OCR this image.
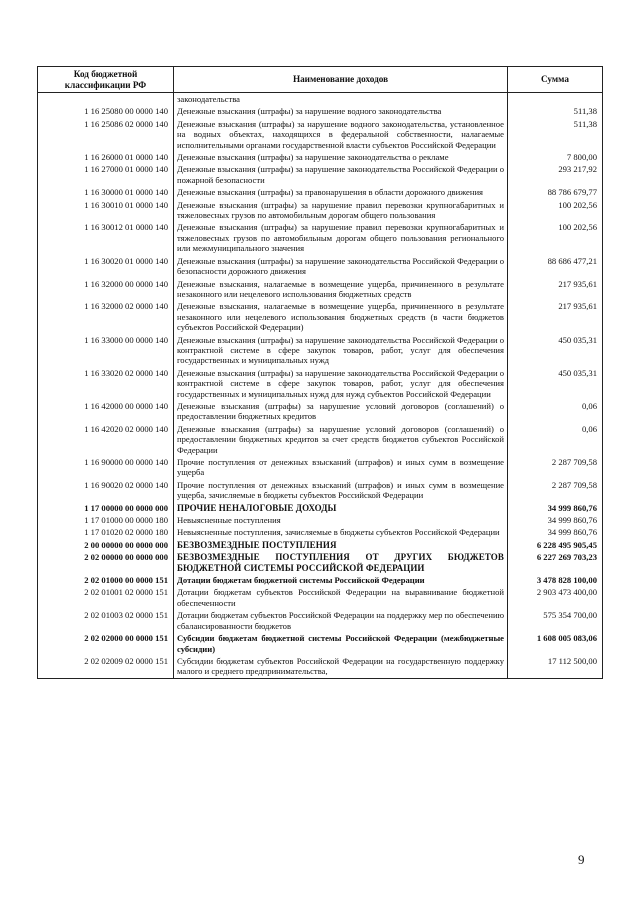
Код бюджетной классификации РФ	Наименование доходов	Сумма
	законодательства	
1 16 25080 00 0000 140	Денежные взыскания (штрафы) за нарушение водного законодательства	511,38
1 16 25086 02 0000 140	Денежные взыскания (штрафы) за нарушение водного законодательства, установленное на водных объектах, находящихся в федеральной собственности, налагаемые исполнительными органами государственной власти субъектов Российской Федерации	511,38
1 16 26000 01 0000 140	Денежные взыскания (штрафы) за нарушение законодательства о рекламе	7 800,00
1 16 27000 01 0000 140	Денежные взыскания (штрафы) за нарушение законодательства Российской Федерации о пожарной безопасности	293 217,92
1 16 30000 01 0000 140	Денежные взыскания (штрафы) за правонарушения в области дорожного движения	88 786 679,77
1 16 30010 01 0000 140	Денежные взыскания (штрафы) за нарушение правил перевозки крупногабаритных и тяжеловесных грузов по автомобильным дорогам общего пользования	100 202,56
1 16 30012 01 0000 140	Денежные взыскания (штрафы) за нарушение правил перевозки крупногабаритных и тяжеловесных грузов по автомобильным дорогам общего пользования регионального или межмуниципального значения	100 202,56
1 16 30020 01 0000 140	Денежные взыскания (штрафы) за нарушение законодательства Российской Федерации о безопасности дорожного движения	88 686 477,21
1 16 32000 00 0000 140	Денежные взыскания, налагаемые в возмещение ущерба, причиненного в результате незаконного или нецелевого использования бюджетных средств	217 935,61
1 16 32000 02 0000 140	Денежные взыскания, налагаемые в возмещение ущерба, причиненного в результате незаконного или нецелевого использования бюджетных средств (в части бюджетов субъектов Российской Федерации)	217 935,61
1 16 33000 00 0000 140	Денежные взыскания (штрафы) за нарушение законодательства Российской Федерации о контрактной системе в сфере закупок товаров, работ, услуг для обеспечения государственных и муниципальных нужд	450 035,31
1 16 33020 02 0000 140	Денежные взыскания (штрафы) за нарушение законодательства Российской Федерации о контрактной системе в сфере закупок товаров, работ, услуг для обеспечения государственных и муниципальных нужд для нужд субъектов Российской Федерации	450 035,31
1 16 42000 00 0000 140	Денежные взыскания (штрафы) за нарушение условий договоров (соглашений) о предоставлении бюджетных кредитов	0,06
1 16 42020 02 0000 140	Денежные взыскания (штрафы) за нарушение условий договоров (соглашений) о предоставлении бюджетных кредитов за счет средств бюджетов субъектов Российской Федерации	0,06
1 16 90000 00 0000 140	Прочие поступления от денежных взысканий (штрафов) и иных сумм в возмещение ущерба	2 287 709,58
1 16 90020 02 0000 140	Прочие поступления от денежных взысканий (штрафов) и иных сумм в возмещение ущерба, зачисляемые в бюджеты субъектов Российской Федерации	2 287 709,58
1 17 00000 00 0000 000	ПРОЧИЕ НЕНАЛОГОВЫЕ ДОХОДЫ	34 999 860,76
1 17 01000 00 0000 180	Невыясненные поступления	34 999 860,76
1 17 01020 02 0000 180	Невыясненные поступления, зачисляемые в бюджеты субъектов Российской Федерации	34 999 860,76
2 00 00000 00 0000 000	БЕЗВОЗМЕЗДНЫЕ ПОСТУПЛЕНИЯ	6 228 495 905,45
2 02 00000 00 0000 000	БЕЗВОЗМЕЗДНЫЕ ПОСТУПЛЕНИЯ ОТ ДРУГИХ БЮДЖЕТОВ БЮДЖЕТНОЙ СИСТЕМЫ РОССИЙСКОЙ ФЕДЕРАЦИИ	6 227 269 703,23
2 02 01000 00 0000 151	Дотации бюджетам бюджетной системы Российской Федерации	3 478 828 100,00
2 02 01001 02 0000 151	Дотации бюджетам субъектов Российской Федерации на выравнивание бюджетной обеспеченности	2 903 473 400,00
2 02 01003 02 0000 151	Дотации бюджетам субъектов Российской Федерации на поддержку мер по обеспечению сбалансированности бюджетов	575 354 700,00
2 02 02000 00 0000 151	Субсидии бюджетам бюджетной системы Российской Федерации (межбюджетные субсидии)	1 608 005 083,06
2 02 02009 02 0000 151	Субсидии бюджетам субъектов Российской Федерации на государственную поддержку малого и среднего предпринимательства,	17 112 500,00
9
